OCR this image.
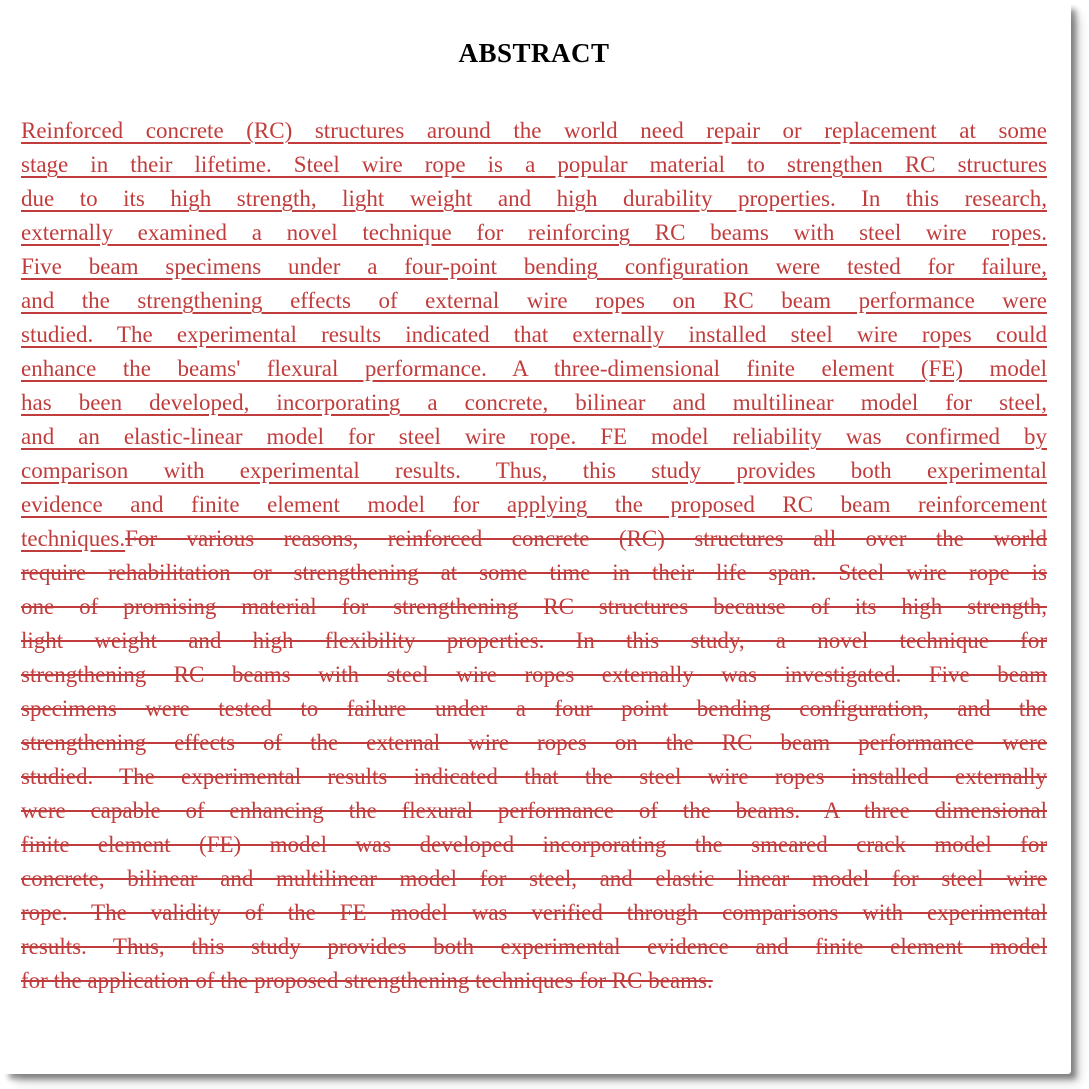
ABSTRACT
Reinforced concrete (RC) structures around the world need repair or replacement at some
stage in their lifetime. Steel wire rope is a popular material to strengthen RC structures
due to its high strength, light weight and high durability properties. In this research,
externally examined a novel technique for reinforcing RC beams with steel wire ropes.
Five beam specimens under a four-point bending configuration were tested for failure,
and the strengthening effects of external wire ropes on RC beam performance were
studied. The experimental results indicated that externally installed steel wire ropes could
enhance the beams' flexural performance. A three-dimensional finite element (FE) model
has been developed, incorporating a concrete, bilinear and multilinear model for steel,
and an elastic-linear model for steel wire rope. FE model reliability was confirmed by
comparison with experimental results. Thus, this study provides both experimental
evidence and finite element model for applying the proposed RC beam reinforcement
techniques.For various reasons, reinforced concrete (RC) structures all over the world
require rehabilitation or strengthening at some time in their life span. Steel wire rope is
one of promising material for strengthening RC structures because of its high strength,
light weight and high flexibility properties. In this study, a novel technique for
strengthening RC beams with steel wire ropes externally was investigated. Five beam
specimens were tested to failure under a four point bending configuration, and the
strengthening effects of the external wire ropes on the RC beam performance were
studied. The experimental results indicated that the steel wire ropes installed externally
were capable of enhancing the flexural performance of the beams. A three dimensional
finite element (FE) model was developed incorporating the smeared crack model for
concrete, bilinear and multilinear model for steel, and elastic linear model for steel wire
rope. The validity of the FE model was verified through comparisons with experimental
results. Thus, this study provides both experimental evidence and finite element model
for the application of the proposed strengthening techniques for RC beams.
